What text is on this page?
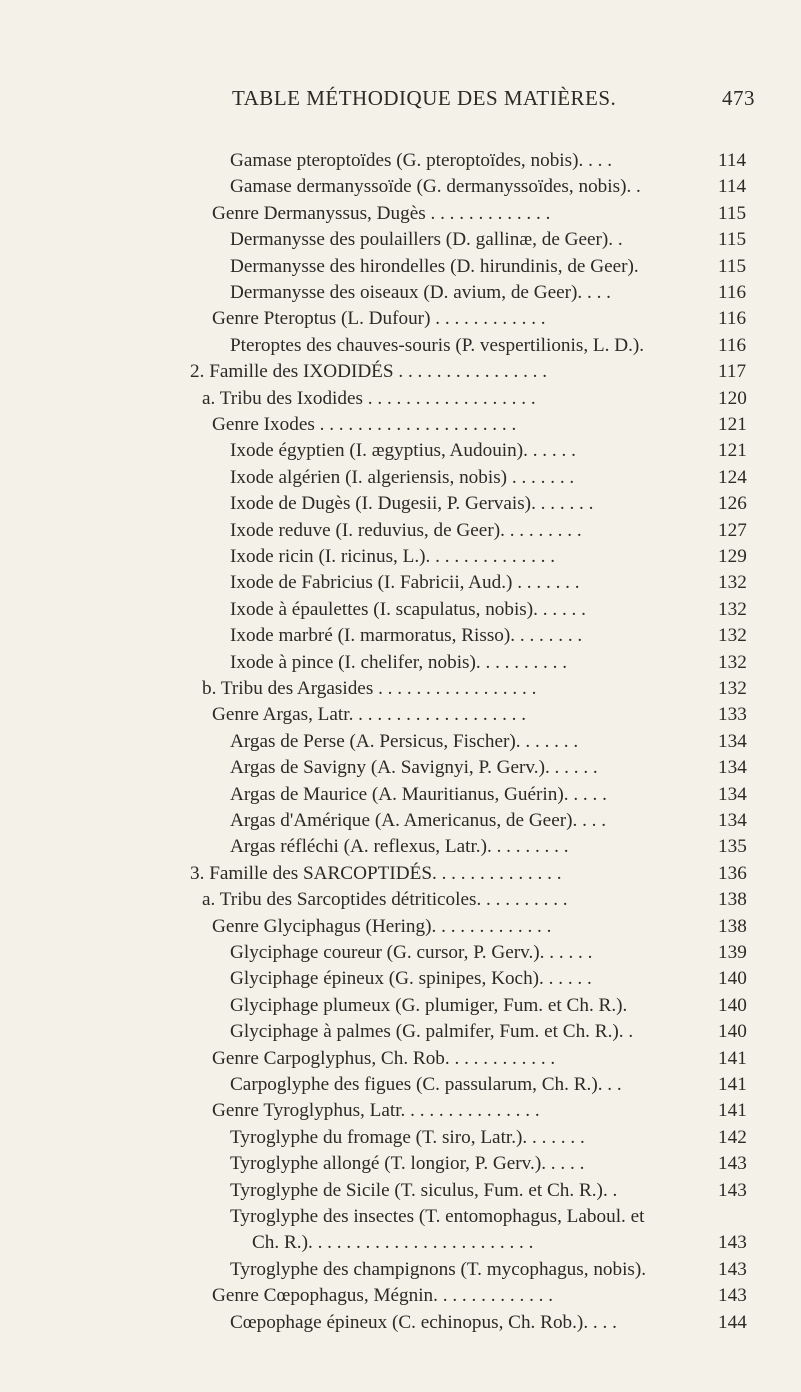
TABLE MÉTHODIQUE DES MATIÈRES.	473
Gamase pteroptoïdes (G. pteroptoïdes, nobis). . . .	114
Gamase dermanyssoïde (G. dermanyssoïdes, nobis). .	114
Genre Dermanyssus, Dugès . . . . . . . . . . . . .	115
Dermanysse des poulaillers (D. gallinæ, de Geer). .	115
Dermanysse des hirondelles (D. hirundinis, de Geer).	115
Dermanysse des oiseaux (D. avium, de Geer). . . .	116
Genre Pteroptus (L. Dufour) . . . . . . . . . . . .	116
Pteroptes des chauves-souris (P. vespertilionis, L. D.).	116
2. Famille des IXODIDÉS . . . . . . . . . . . . . . . .	117
a. Tribu des Ixodides . . . . . . . . . . . . . . . . . .	120
Genre Ixodes . . . . . . . . . . . . . . . . . . . . .	121
Ixode égyptien (I. ægyptius, Audouin). . . . . .	121
Ixode algérien (I. algeriensis, nobis) . . . . . . .	124
Ixode de Dugès (I. Dugesii, P. Gervais). . . . . . .	126
Ixode reduve (I. reduvius, de Geer). . . . . . . . .	127
Ixode ricin (I. ricinus, L.). . . . . . . . . . . . . .	129
Ixode de Fabricius (I. Fabricii, Aud.) . . . . . . .	132
Ixode à épaulettes (I. scapulatus, nobis). . . . . .	132
Ixode marbré (I. marmoratus, Risso). . . . . . . .	132
Ixode à pince (I. chelifer, nobis). . . . . . . . . .	132
b. Tribu des Argasides . . . . . . . . . . . . . . . . .	132
Genre Argas, Latr. . . . . . . . . . . . . . . . . . .	133
Argas de Perse (A. Persicus, Fischer). . . . . . .	134
Argas de Savigny (A. Savignyi, P. Gerv.). . . . . .	134
Argas de Maurice (A. Mauritianus, Guérin). . . . .	134
Argas d'Amérique (A. Americanus, de Geer). . . .	134
Argas réfléchi (A. reflexus, Latr.). . . . . . . . .	135
3. Famille des SARCOPTIDÉS. . . . . . . . . . . . . .	136
a. Tribu des Sarcoptides détriticoles. . . . . . . . . .	138
Genre Glyciphagus (Hering). . . . . . . . . . . . .	138
Glyciphage coureur (G. cursor, P. Gerv.). . . . . .	139
Glyciphage épineux (G. spinipes, Koch). . . . . .	140
Glyciphage plumeux (G. plumiger, Fum. et Ch. R.).	140
Glyciphage à palmes (G. palmifer, Fum. et Ch. R.). .	140
Genre Carpoglyphus, Ch. Rob. . . . . . . . . . . .	141
Carpoglyphe des figues (C. passularum, Ch. R.). . .	141
Genre Tyroglyphus, Latr. . . . . . . . . . . . . . .	141
Tyroglyphe du fromage (T. siro, Latr.). . . . . . .	142
Tyroglyphe allongé (T. longior, P. Gerv.). . . . .	143
Tyroglyphe de Sicile (T. siculus, Fum. et Ch. R.). .	143
Tyroglyphe des insectes (T. entomophagus, Laboul. et
Ch. R.). . . . . . . . . . . . . . . . . . . . . . . .	143
Tyroglyphe des champignons (T. mycophagus, nobis).	143
Genre Cœpophagus, Mégnin. . . . . . . . . . . . .	143
Cœpophage épineux (C. echinopus, Ch. Rob.). . . .	144
